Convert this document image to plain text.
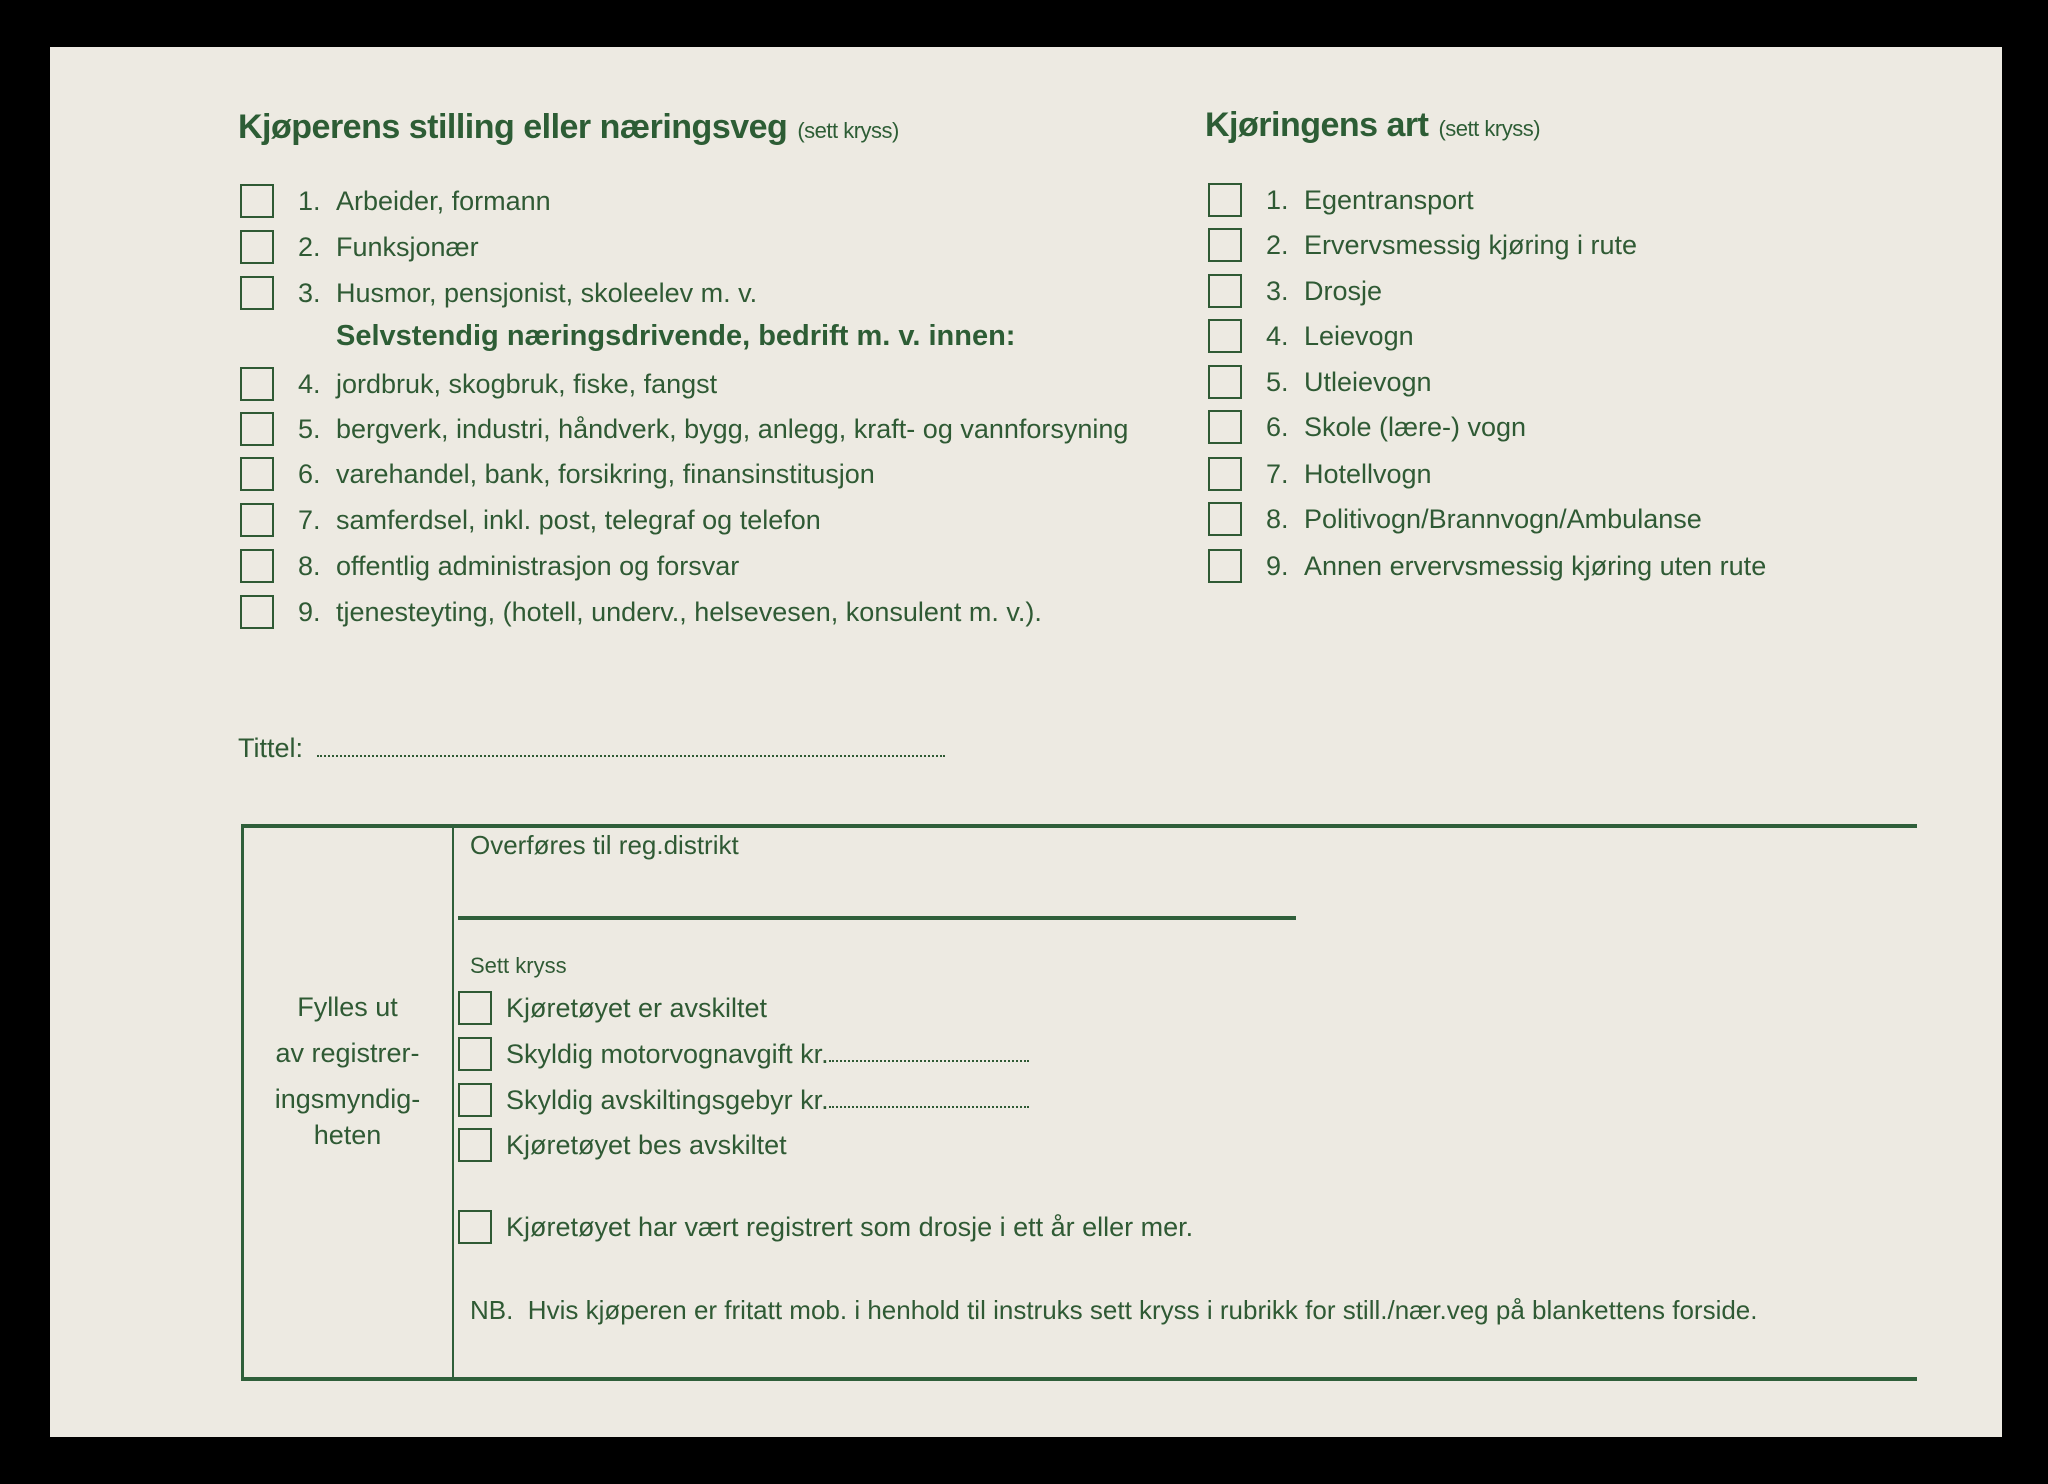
Kjøperens stilling eller næringsveg (sett kryss)
1. Arbeider, formann
2. Funksjonær
3. Husmor, pensjonist, skoleelev m. v.
Selvstendig næringsdrivende, bedrift m. v. innen:
4. jordbruk, skogbruk, fiske, fangst
5. bergverk, industri, håndverk, bygg, anlegg, kraft- og vannforsyning
6. varehandel, bank, forsikring, finansinstitusjon
7. samferdsel, inkl. post, telegraf og telefon
8. offentlig administrasjon og forsvar
9. tjenesteyting, (hotell, underv., helsevesen, konsulent m. v.).
Kjøringens art (sett kryss)
1. Egentransport
2. Ervervsmessig kjøring i rute
3. Drosje
4. Leievogn
5. Utleievogn
6. Skole (lære-) vogn
7. Hotellvogn
8. Politivogn/Brannvogn/Ambulanse
9. Annen ervervsmessig kjøring uten rute
Tittel:
Fylles ut
av registrer-
ingsmyndig-
heten
Overføres til reg.distrikt
Sett kryss
Kjøretøyet er avskiltet
Skyldig motorvognavgift kr.
Skyldig avskiltingsgebyr kr.
Kjøretøyet bes avskiltet
Kjøretøyet har vært registrert som drosje i ett år eller mer.
NB.  Hvis kjøperen er fritatt mob. i henhold til instruks sett kryss i rubrikk for still./nær.veg på blankettens forside.
